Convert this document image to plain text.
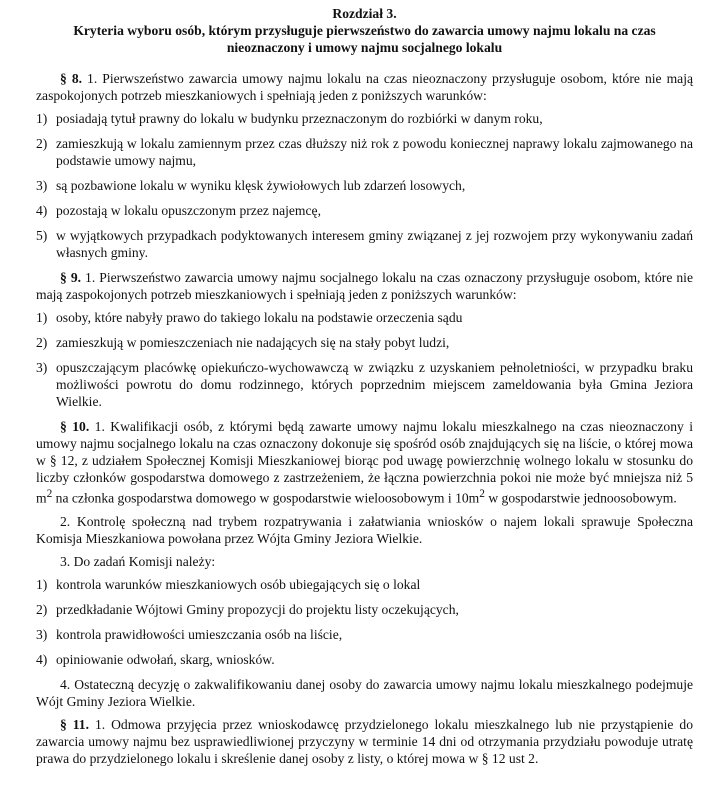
Rozdział 3.

Kryteria wyboru osób, którym przysługuje pierwszeństwo do zawarcia umowy najmu lokalu na czas nieoznaczony i umowy najmu socjalnego lokalu

§ 8. 1. Pierwszeństwo zawarcia umowy najmu lokalu na czas nieoznaczony przysługuje osobom, które nie mają zaspokojonych potrzeb mieszkaniowych i spełniają jeden z poniższych warunków:

1) posiadają tytuł prawny do lokalu w budynku przeznaczonym do rozbiórki w danym roku,
2) zamieszkują w lokalu zamiennym przez czas dłuższy niż rok z powodu koniecznej naprawy lokalu zajmowanego na podstawie umowy najmu,
3) są pozbawione lokalu w wyniku klęsk żywiołowych lub zdarzeń losowych,
4) pozostają w lokalu opuszczonym przez najemcę,
5) w wyjątkowych przypadkach podyktowanych interesem gminy związanej z jej rozwojem przy wykonywaniu zadań własnych gminy.

§ 9. 1. Pierwszeństwo zawarcia umowy najmu socjalnego lokalu na czas oznaczony przysługuje osobom, które nie mają zaspokojonych potrzeb mieszkaniowych i spełniają jeden z poniższych warunków:

1) osoby, które nabyły prawo do takiego lokalu na podstawie orzeczenia sądu
2) zamieszkują w pomieszczeniach nie nadających się na stały pobyt ludzi,
3) opuszczającym placówkę opiekuńczo-wychowawczą w związku z uzyskaniem pełnoletniości, w przypadku braku możliwości powrotu do domu rodzinnego, których poprzednim miejscem zameldowania była Gmina Jeziora Wielkie.

§ 10. 1. Kwalifikacji osób, z którymi będą zawarte umowy najmu lokalu mieszkalnego na czas nieoznaczony i umowy najmu socjalnego lokalu na czas oznaczony dokonuje się spośród osób znajdujących się na liście, o której mowa w § 12, z udziałem Społecznej Komisji Mieszkaniowej biorąc pod uwagę powierzchnię wolnego lokalu w stosunku do liczby członków gospodarstwa domowego z zastrzeżeniem, że łączna powierzchnia pokoi nie może być mniejsza niż 5 $m^2$ na członka gospodarstwa domowego w gospodarstwie wieloosobowym i $10m^2$ w gospodarstwie jednoosobowym.

2. Kontrolę społeczną nad trybem rozpatrywania i załatwiania wniosków o najem lokali sprawuje Społeczna Komisja Mieszkaniowa powołana przez Wójta Gminy Jeziora Wielkie.

3. Do zadań Komisji należy:

1) kontrola warunków mieszkaniowych osób ubiegających się o lokal
2) przedkładanie Wójtowi Gminy propozycji do projektu listy oczekujących,
3) kontrola prawidłowości umieszczania osób na liście,
4) opiniowanie odwołań, skarg, wniosków.

4. Ostateczną decyzję o zakwalifikowaniu danej osoby do zawarcia umowy najmu lokalu mieszkalnego podejmuje Wójt Gminy Jeziora Wielkie.

§ 11. 1. Odmowa przyjęcia przez wnioskodawcę przydzielonego lokalu mieszkalnego lub nie przystąpienie do zawarcia umowy najmu bez usprawiedliwionej przyczyny w terminie 14 dni od otrzymania przydziału powoduje utratę prawa do przydzielonego lokalu i skreślenie danej osoby z listy, o której mowa w § 12 ust 2.
